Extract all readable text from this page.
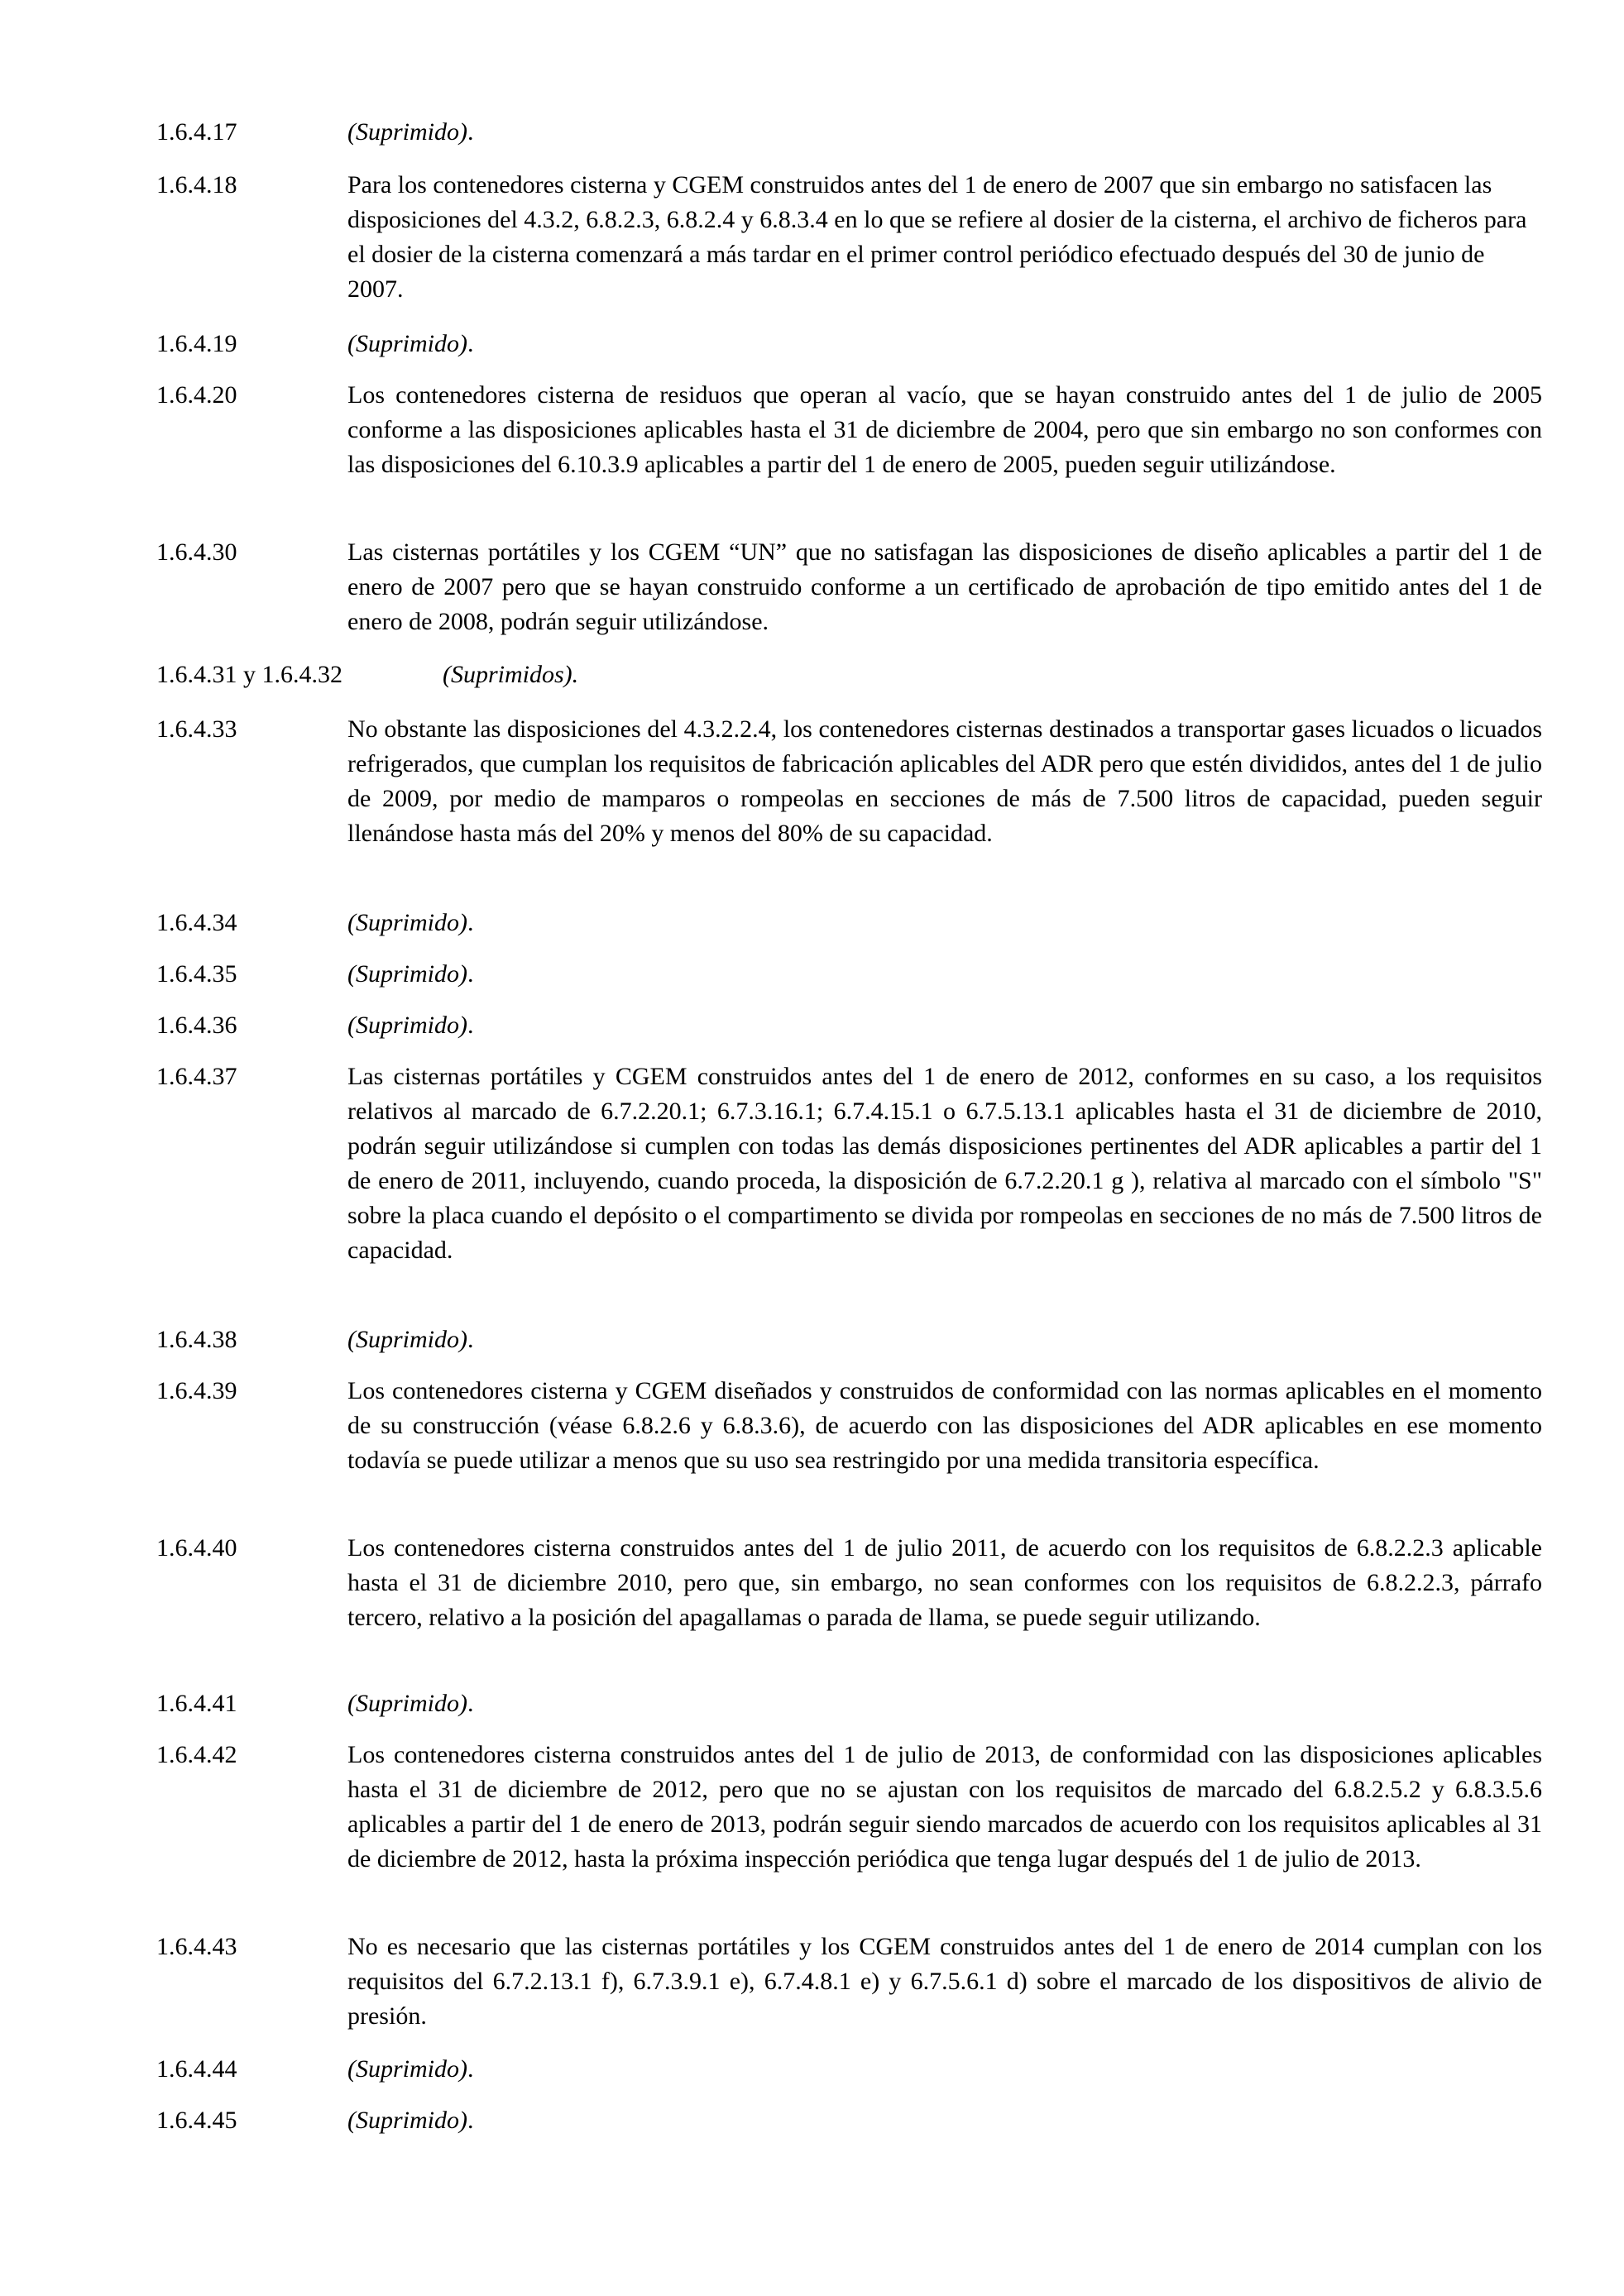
1.6.4.17	(Suprimido).
1.6.4.18	Para los contenedores cisterna y CGEM construidos antes del 1 de enero de 2007 que sin embargo no satisfacen las disposiciones del 4.3.2, 6.8.2.3, 6.8.2.4 y 6.8.3.4 en lo que se refiere al dosier de la cisterna, el archivo de ficheros para el dosier de la cisterna comenzará a más tardar en el primer control periódico efectuado después del 30 de junio de 2007.
1.6.4.19	(Suprimido).
1.6.4.20	Los contenedores cisterna de residuos que operan al vacío, que se hayan construido antes del 1 de julio de 2005 conforme a las disposiciones aplicables hasta el 31 de diciembre de 2004, pero que sin embargo no son conformes con las disposiciones del 6.10.3.9 aplicables a partir del 1 de enero de 2005, pueden seguir utilizándose.
1.6.4.30	Las cisternas portátiles y los CGEM “UN” que no satisfagan las disposiciones de diseño aplicables a partir del 1 de enero de 2007 pero que se hayan construido conforme a un certificado de aprobación de tipo emitido antes del 1 de enero de 2008, podrán seguir utilizándose.
1.6.4.31 y 1.6.4.32	(Suprimidos).
1.6.4.33	No obstante las disposiciones del 4.3.2.2.4, los contenedores cisternas destinados a transportar gases licuados o licuados refrigerados, que cumplan los requisitos de fabricación aplicables del ADR pero que estén divididos, antes del 1 de julio de 2009, por medio de mamparos o rompeolas en secciones de más de 7.500 litros de capacidad, pueden seguir llenándose hasta más del 20% y menos del 80% de su capacidad.
1.6.4.34	(Suprimido).
1.6.4.35	(Suprimido).
1.6.4.36	(Suprimido).
1.6.4.37	Las cisternas portátiles y CGEM construidos antes del 1 de enero de 2012, conformes en su caso, a los requisitos relativos al marcado de 6.7.2.20.1; 6.7.3.16.1; 6.7.4.15.1 o 6.7.5.13.1 aplicables hasta el 31 de diciembre de 2010, podrán seguir utilizándose si cumplen con todas las demás disposiciones pertinentes del ADR aplicables a partir del 1 de enero de 2011, incluyendo, cuando proceda, la disposición de 6.7.2.20.1 g ), relativa al marcado con el símbolo "S" sobre la placa cuando el depósito o el compartimento se divida por rompeolas en secciones de no más de 7.500 litros de capacidad.
1.6.4.38	(Suprimido).
1.6.4.39	Los contenedores cisterna y CGEM diseñados y construidos de conformidad con las normas aplicables en el momento de su construcción (véase 6.8.2.6 y 6.8.3.6), de acuerdo con las disposiciones del ADR aplicables en ese momento todavía se puede utilizar a menos que su uso sea restringido por una medida transitoria específica.
1.6.4.40	Los contenedores cisterna construidos antes del 1 de julio 2011, de acuerdo con los requisitos de 6.8.2.2.3 aplicable hasta el 31 de diciembre 2010, pero que, sin embargo, no sean conformes con los requisitos de 6.8.2.2.3, párrafo tercero, relativo a la posición del apagallamas o parada de llama, se puede seguir utilizando.
1.6.4.41	(Suprimido).
1.6.4.42	Los contenedores cisterna construidos antes del 1 de julio de 2013, de conformidad con las disposiciones aplicables hasta el 31 de diciembre de 2012, pero que no se ajustan con los requisitos de marcado del 6.8.2.5.2 y 6.8.3.5.6 aplicables a partir del 1 de enero de 2013, podrán seguir siendo marcados de acuerdo con los requisitos aplicables al 31 de diciembre de 2012, hasta la próxima inspección periódica que tenga lugar después del 1 de julio de 2013.
1.6.4.43	No es necesario que las cisternas portátiles y los CGEM construidos antes del 1 de enero de 2014 cumplan con los requisitos del 6.7.2.13.1 f), 6.7.3.9.1 e), 6.7.4.8.1 e) y 6.7.5.6.1 d) sobre el marcado de los dispositivos de alivio de presión.
1.6.4.44	(Suprimido).
1.6.4.45	(Suprimido).
